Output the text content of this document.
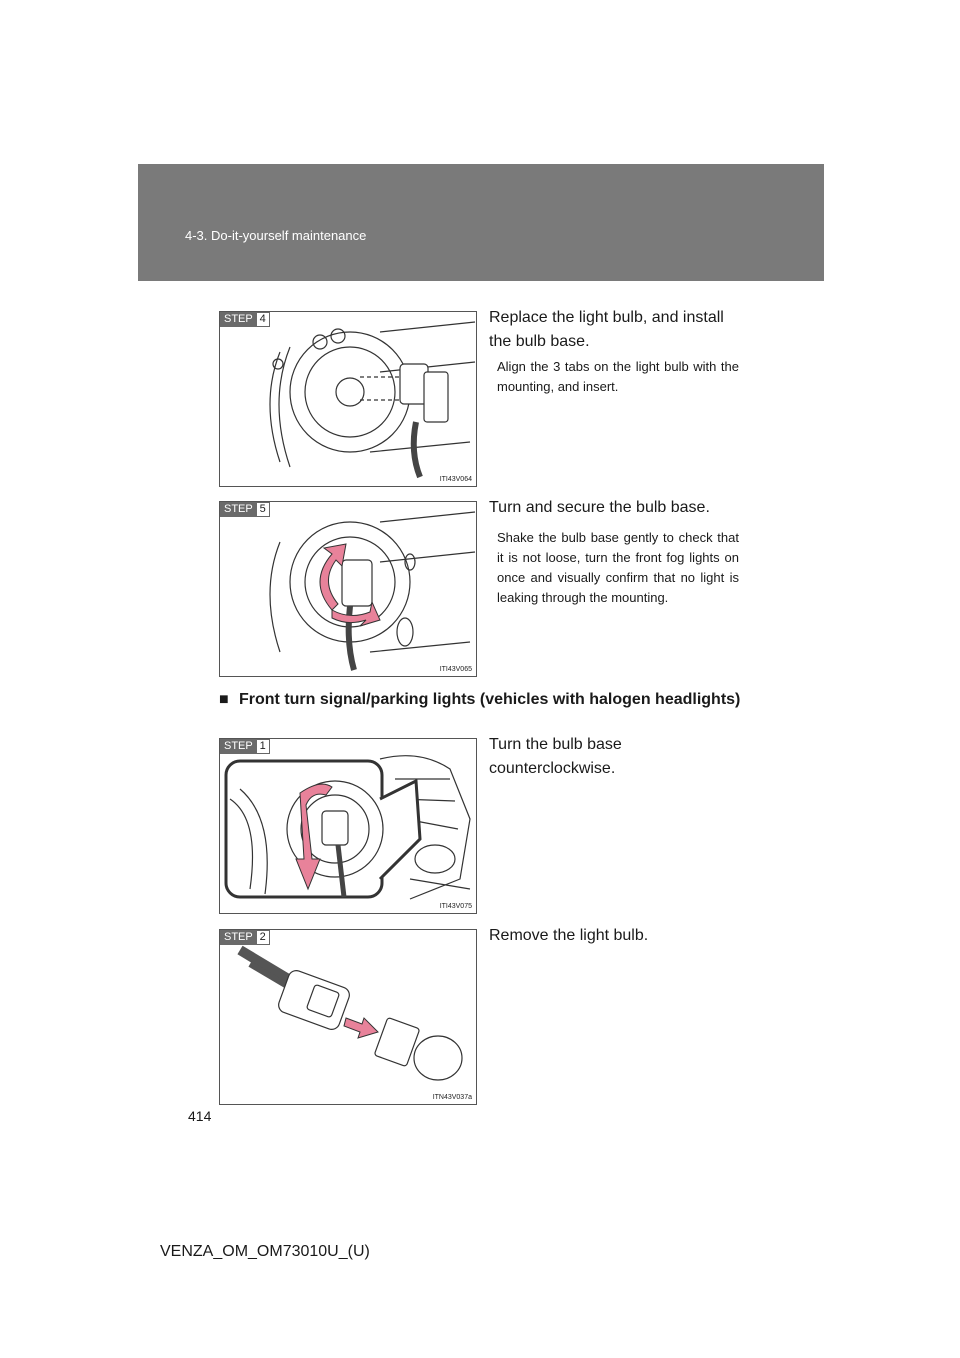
4-3. Do-it-yourself maintenance
STEP 4
ITI43V064
Replace the light bulb, and install the bulb base.
Align the 3 tabs on the light bulb with the mounting, and insert.
STEP 5
ITI43V065
Turn and secure the bulb base.
Shake the bulb base gently to check that it is not loose, turn the front fog lights on once and visually confirm that no light is leaking through the mounting.
■ Front turn signal/parking lights (vehicles with halogen headlights)
STEP 1
ITI43V075
Turn the bulb base counterclockwise.
STEP 2
ITN43V037a
Remove the light bulb.
414
VENZA_OM_OM73010U_(U)
